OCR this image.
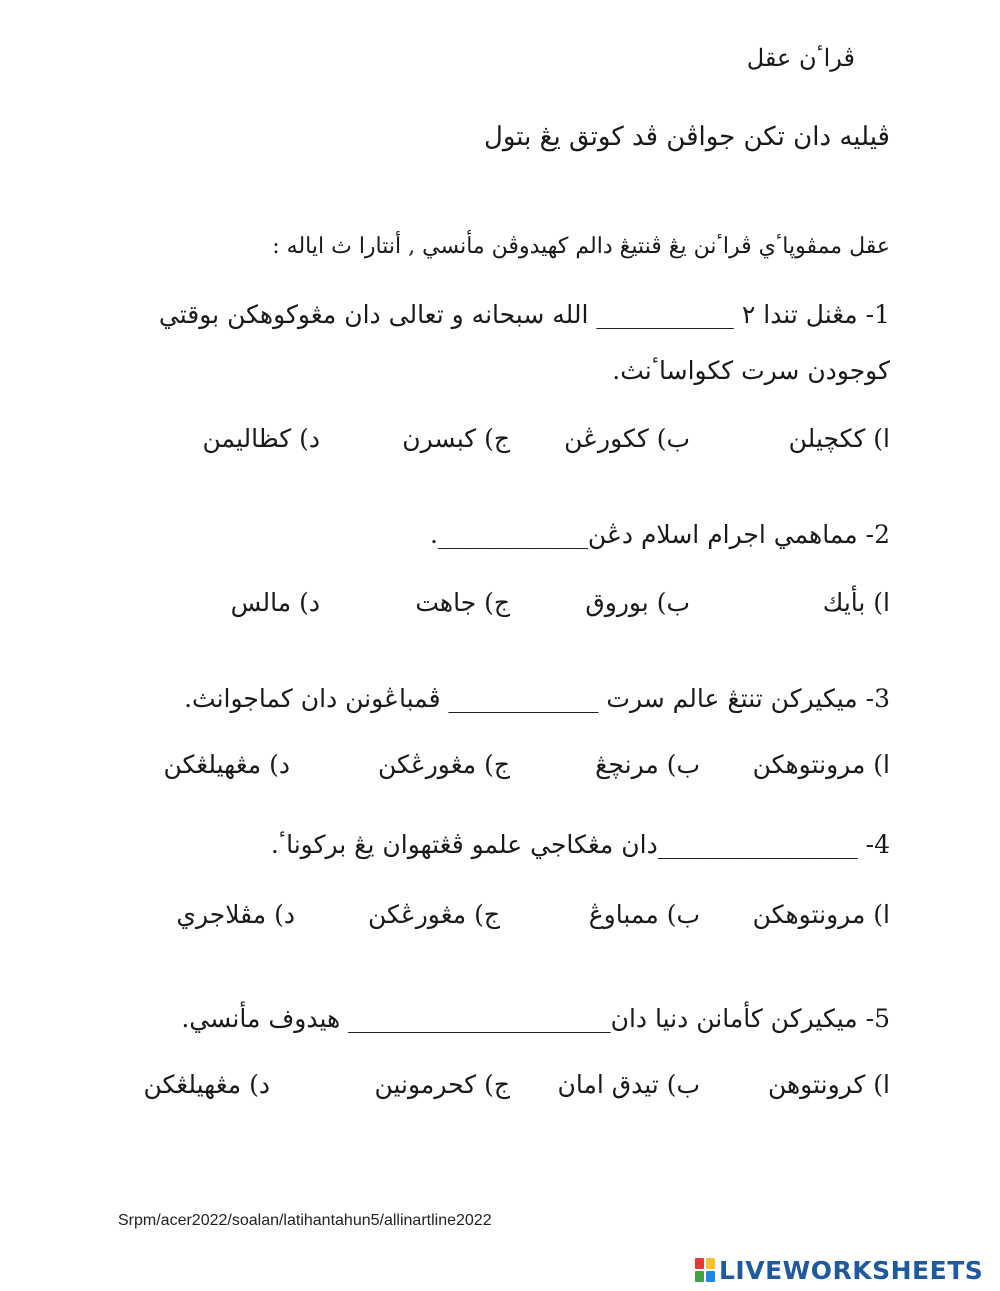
ڤراٴن عقل
ڤيليه دان تكن جواڤن ڤد كوتق يڠ بتول
عقل ممڤوڽاٴي ڤراٴنن يڠ ڤنتيڠ دالم كهيدوڤن مأنسي , أنتارا ث اياله :
1- مڠنل تندا ٢ ___________ الله سبحانه و تعالى دان مڠوكوهكن بوقتي
كوجودن سرت ككواساٴنث.
ا) ككچيلن
ب) ككورڠن
ج) كبسرن
د) كظاليمن
2- مماهمي اجرام اسلام دڠن____________.
ا) بأيك
ب) بوروق
ج) جاهت
د) مالس
3- ميكيركن تنتڠ عالم سرت ____________ ڤمباڠونن دان كماجوانث.
ا) مرونتوهكن
ب) مرنچڠ
ج) مڠورڠكن
د) مڠهيلڠكن
4- ________________دان مڠكاجي علمو ڤڠتهوان يڠ بركوناٴ.
ا) مرونتوهكن
ب) ممباوڠ
ج) مڠورڠكن
د) مڤلاجري
5- ميكيركن كأمانن دنيا دان_____________________ هيدوف مأنسي.
ا) كرونتوهن
ب) تيدق امان
ج) كحرمونين
د) مڠهيلڠكن
Srpm/acer2022/soalan/latihantahun5/allinartline2022
LIVEWORKSHEETS
